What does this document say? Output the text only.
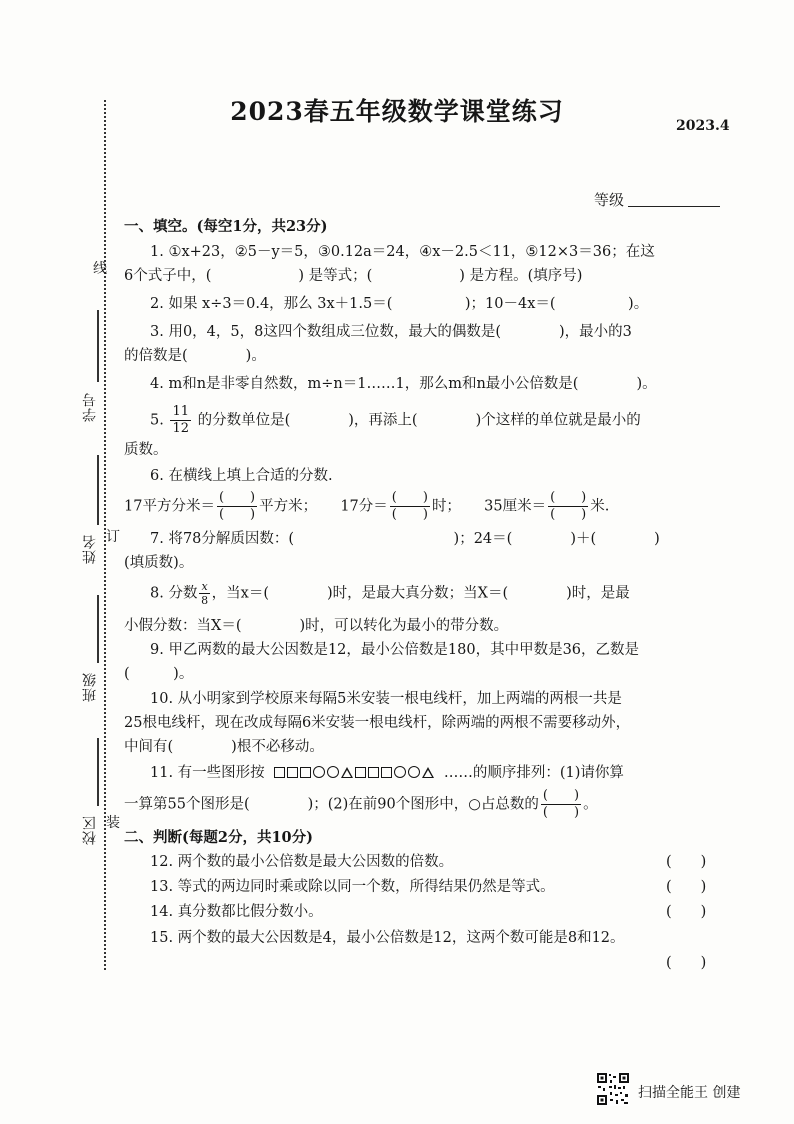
2023春五年级数学课堂练习	2023.4
等级
线
订
装
学号
姓名
班级
校区
一、填空。(每空1分，共23分)
1. ①x+23，②5－y＝5，③0.12a＝24，④x－2.5＜11，⑤12×3＝36；在这
6个式子中，(　　　　　　) 是等式；(　　　　　　) 是方程。(填序号)
2. 如果 x÷3＝0.4，那么 3x＋1.5＝(　　　　　)；10－4x＝(　　　　　)。
3. 用0，4，5，8这四个数组成三位数，最大的偶数是(　　　　)，最小的3
的倍数是(　　　　)。
4. m和n是非零自然数，m÷n＝1……1，那么m和n最小公倍数是(　　　　)。
5. $\frac{11}{12}$ 的分数单位是(　　　　)，再添上(　　　　)个这样的单位就是最小的
质数。
6. 在横线上填上合适的分数.
17平方分米＝ $\frac{( )}{( )}$ 平方米； 17分＝ $\frac{( )}{( )}$ 时； 35厘米＝ $\frac{( )}{( )}$ 米.
7. 将78分解质因数：(　　　　　　　　　　　)；24＝(　　　　)＋(　　　　)
(填质数)。
8. 分数 $\frac{x}{8}$ ，当x＝(　　　　)时，是最大真分数；当X＝(　　　　)时，是最
小假分数：当X＝(　　　　)时，可以转化为最小的带分数。
9. 甲乙两数的最大公因数是12，最小公倍数是180，其中甲数是36，乙数是
(　　　)。
10. 从小明家到学校原来每隔5米安装一根电线杆，加上两端的两根一共是
25根电线杆，现在改成每隔6米安装一根电线杆，除两端的两根不需要移动外，
中间有(　　　　)根不必移动。
11. 有一些图形按	……的顺序排列：(1)请你算
一算第55个图形是(　　　　)；(2)在前90个图形中，○占总数的 $\frac{( )}{( )}$ 。
二、判断(每题2分，共10分)
12. 两个数的最小公倍数是最大公因数的倍数。	(　　)
13. 等式的两边同时乘或除以同一个数，所得结果仍然是等式。	(　　)
14. 真分数都比假分数小。	(　　)
15. 两个数的最大公因数是4，最小公倍数是12，这两个数可能是8和12。
(　　)
扫描全能王 创建
